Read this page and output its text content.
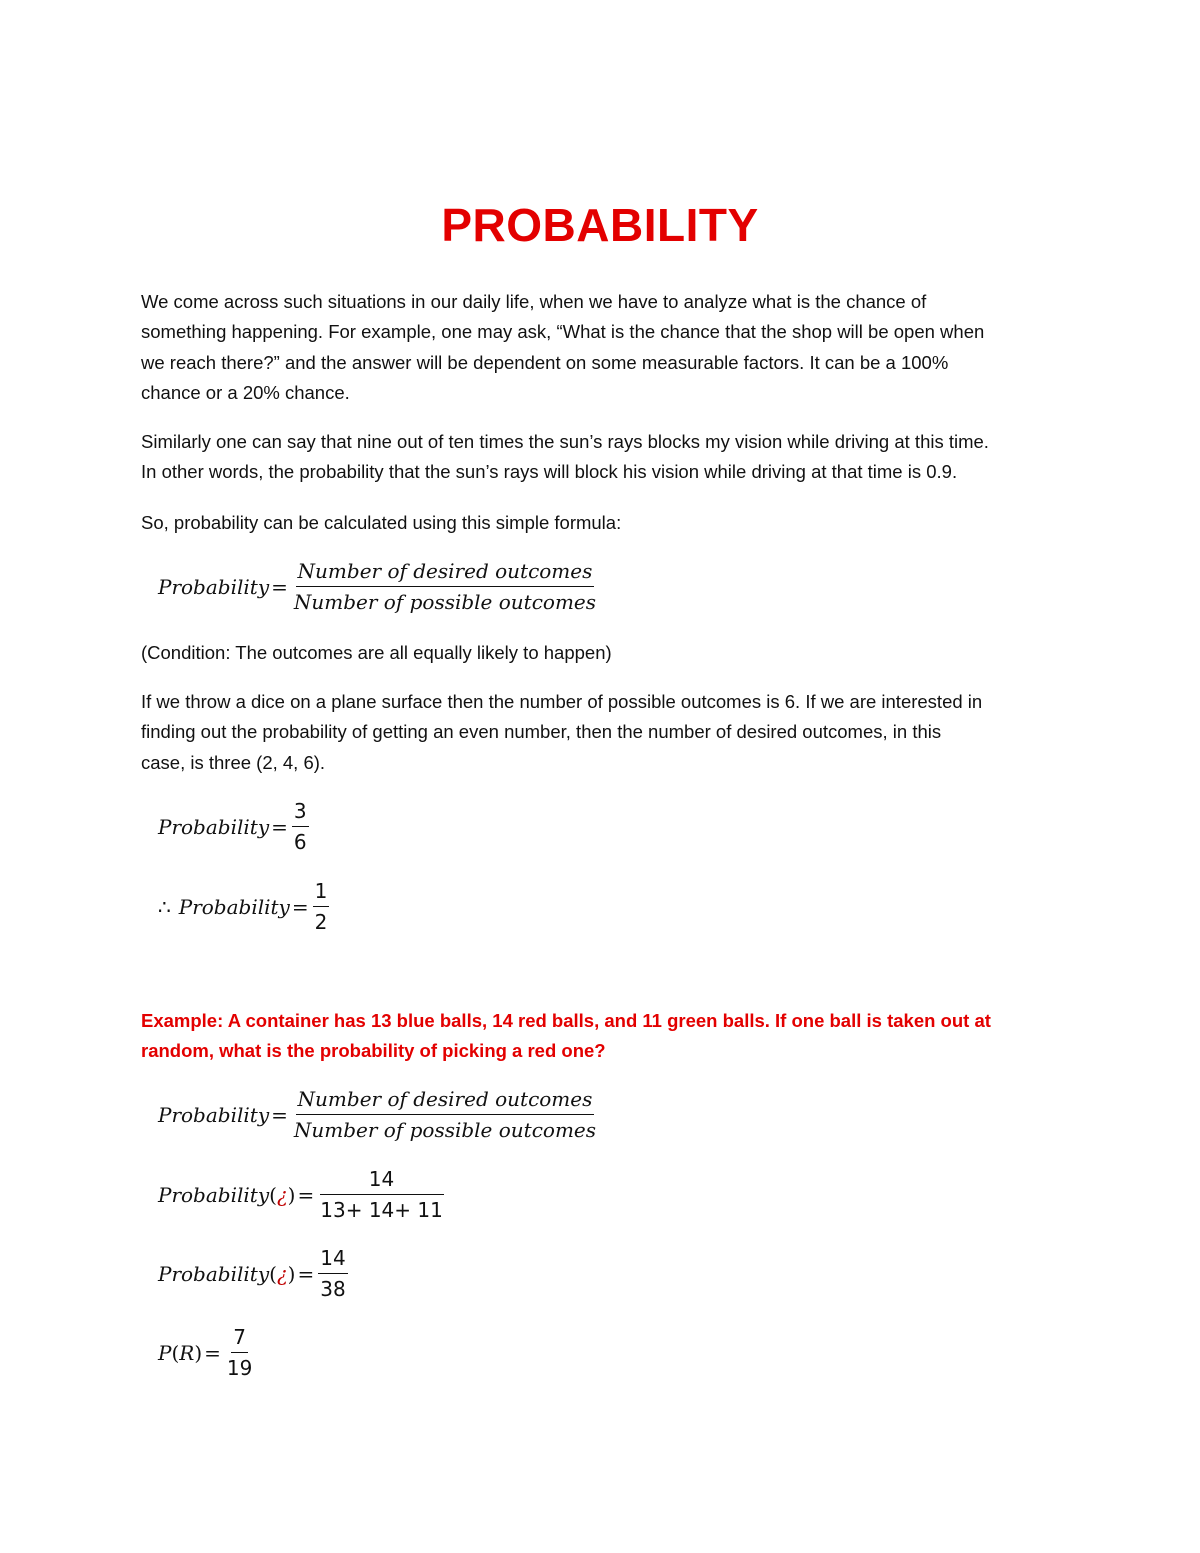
PROBABILITY
We come across such situations in our daily life, when we have to analyze what is the chance of
something happening. For example, one may ask, “What is the chance that the shop will be open when
we reach there?” and the answer will be dependent on some measurable factors. It can be a 100%
chance or a 20% chance.
Similarly one can say that nine out of ten times the sun’s rays blocks my vision while driving at this time.
In other words, the probability that the sun’s rays will block his vision while driving at that time is 0.9.
So, probability can be calculated using this simple formula:
Probability = $\frac{\text{Number of desired outcomes}}{\text{Number of possible outcomes}}$
(Condition: The outcomes are all equally likely to happen)
If we throw a dice on a plane surface then the number of possible outcomes is 6. If we are interested in
finding out the probability of getting an even number, then the number of desired outcomes, in this
case, is three (2, 4, 6).
Probability = $\frac{3}{6}$
∴ Probability = $\frac{1}{2}$
Example: A container has 13 blue balls, 14 red balls, and 11 green balls. If one ball is taken out at
random, what is the probability of picking a red one?
Probability = $\frac{\text{Number of desired outcomes}}{\text{Number of possible outcomes}}$
Probability ( ¿ ) = $\frac{14}{13+ 14+ 11}$
Probability ( ¿ ) = $\frac{14}{38}$
P ( R ) = $\frac{7}{19}$
